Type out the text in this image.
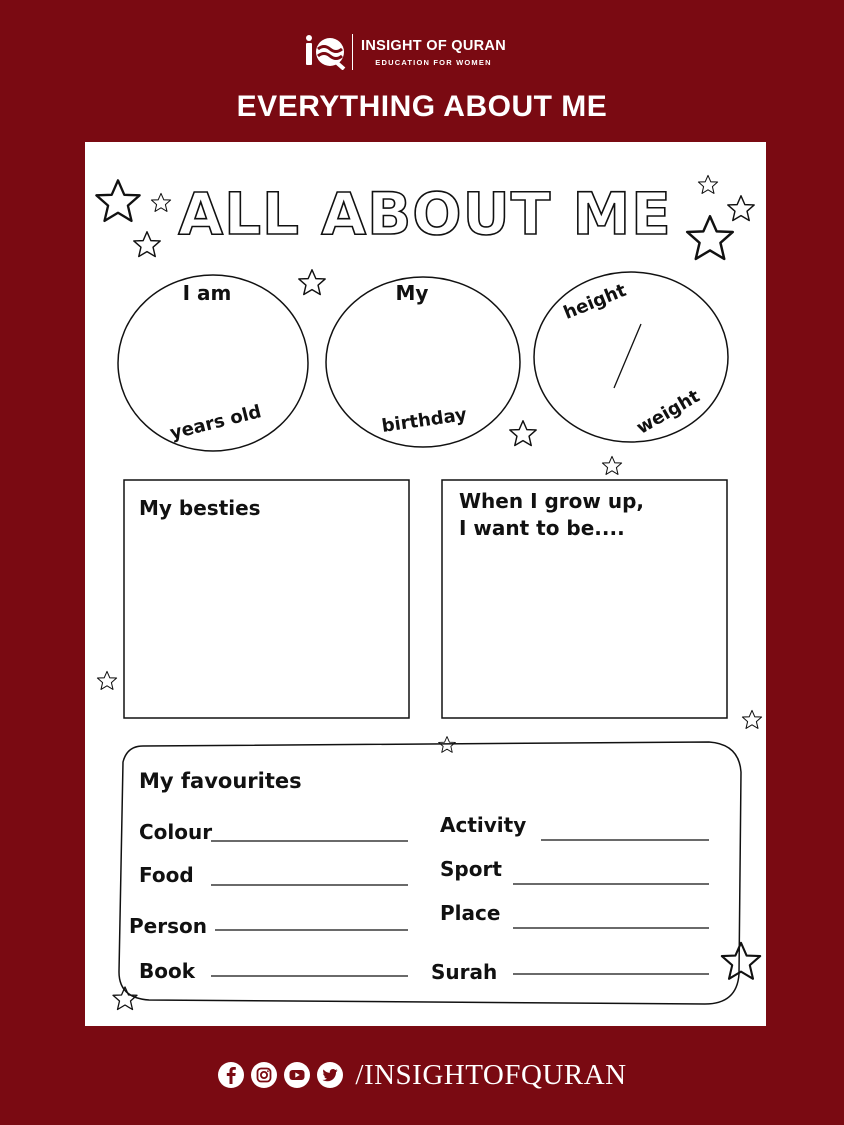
INSIGHT OF QURAN
EDUCATION FOR WOMEN
EVERYTHING ABOUT ME
ALL ABOUT ME
I am
years old
My
birthday
height
weight
My besties	When I grow up,
I want to be....
My favourites
Colour
Food
Person
Book
Activity
Sport
Place
Surah
/INSIGHTOFQURAN
